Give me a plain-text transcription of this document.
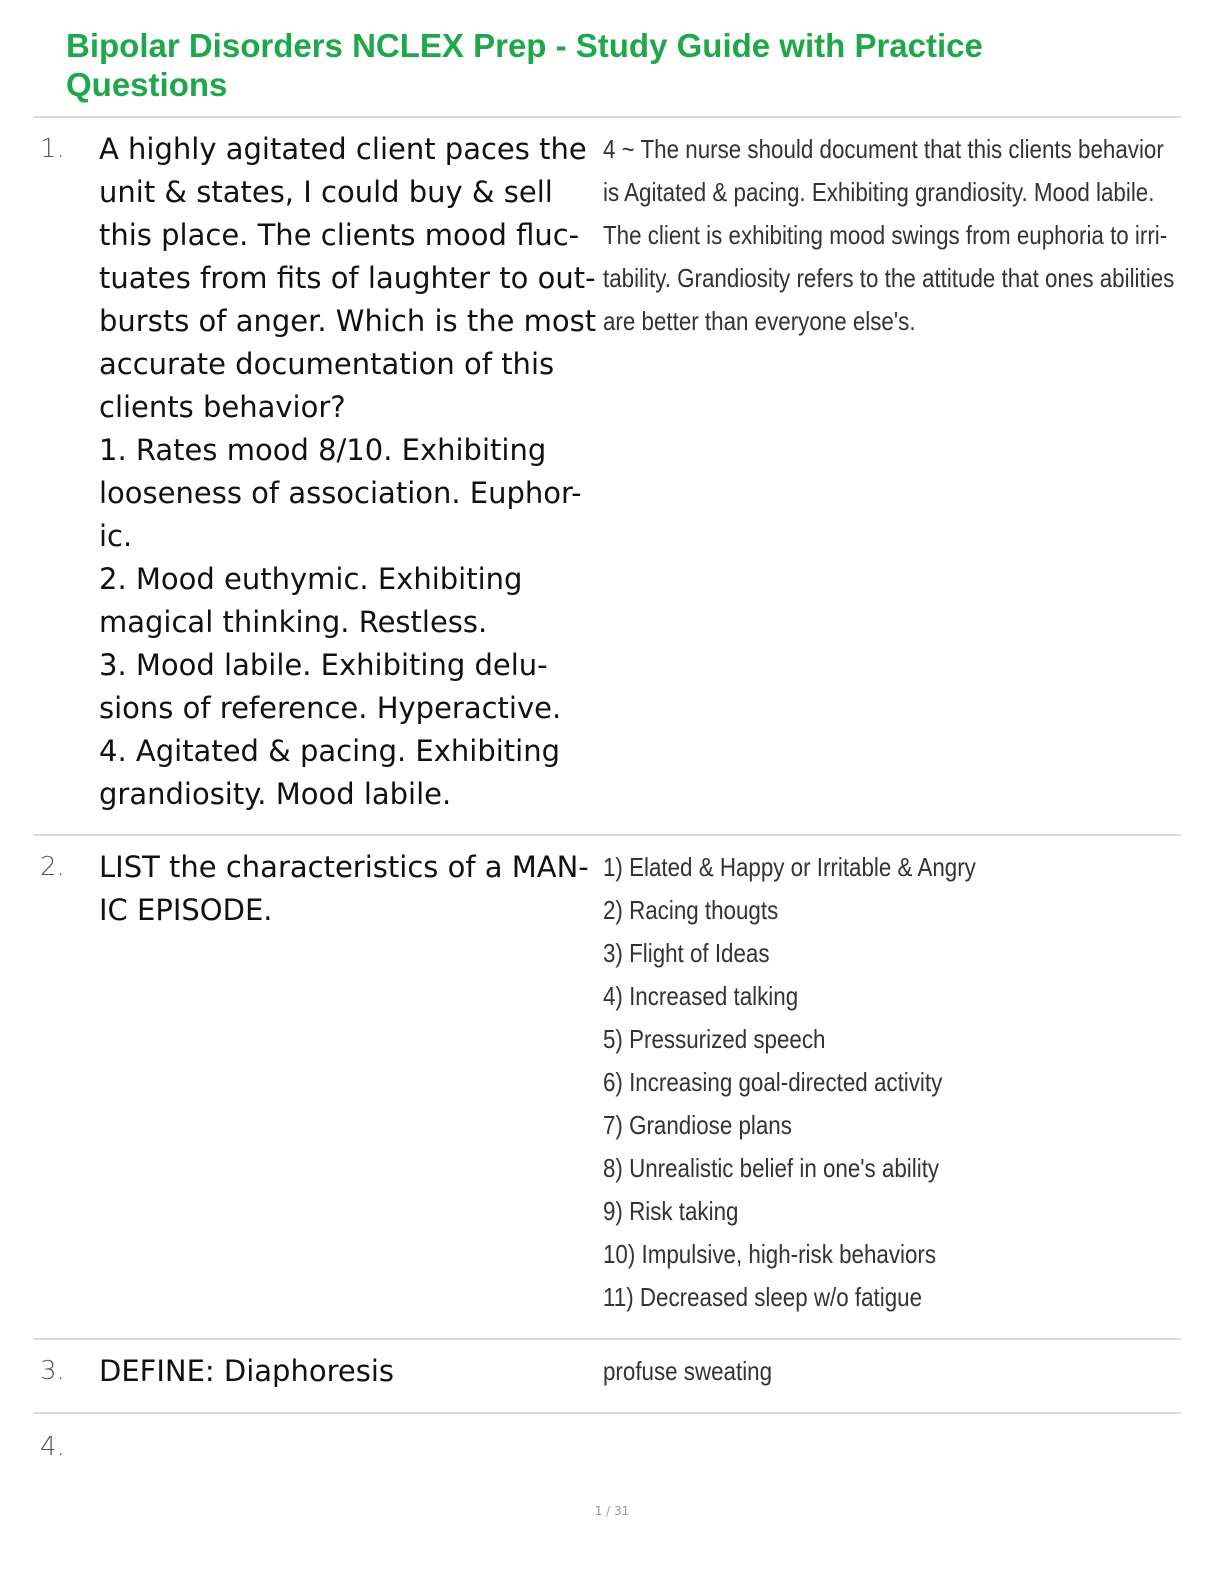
Bipolar Disorders NCLEX Prep - Study Guide with Practice Questions
1. A highly agitated client paces the
unit & states, I could buy & sell
this place. The clients mood fluc-
tuates from fits of laughter to out-
bursts of anger. Which is the most
accurate documentation of this
clients behavior?
1. Rates mood 8/10. Exhibiting
looseness of association. Euphor-
ic.
2. Mood euthymic. Exhibiting
magical thinking. Restless.
3. Mood labile. Exhibiting delu-
sions of reference. Hyperactive.
4. Agitated & pacing. Exhibiting
grandiosity. Mood labile.
4 ~ The nurse should document that this clients behavior
is Agitated & pacing. Exhibiting grandiosity. Mood labile.
The client is exhibiting mood swings from euphoria to irri-
tability. Grandiosity refers to the attitude that ones abilities
are better than everyone else's.
2. LIST the characteristics of a MAN-
IC EPISODE.
1) Elated & Happy or Irritable & Angry
2) Racing thougts
3) Flight of Ideas
4) Increased talking
5) Pressurized speech
6) Increasing goal-directed activity
7) Grandiose plans
8) Unrealistic belief in one's ability
9) Risk taking
10) Impulsive, high-risk behaviors
11) Decreased sleep w/o fatigue
3. DEFINE: Diaphoresis	profuse sweating
4.
1 / 31
